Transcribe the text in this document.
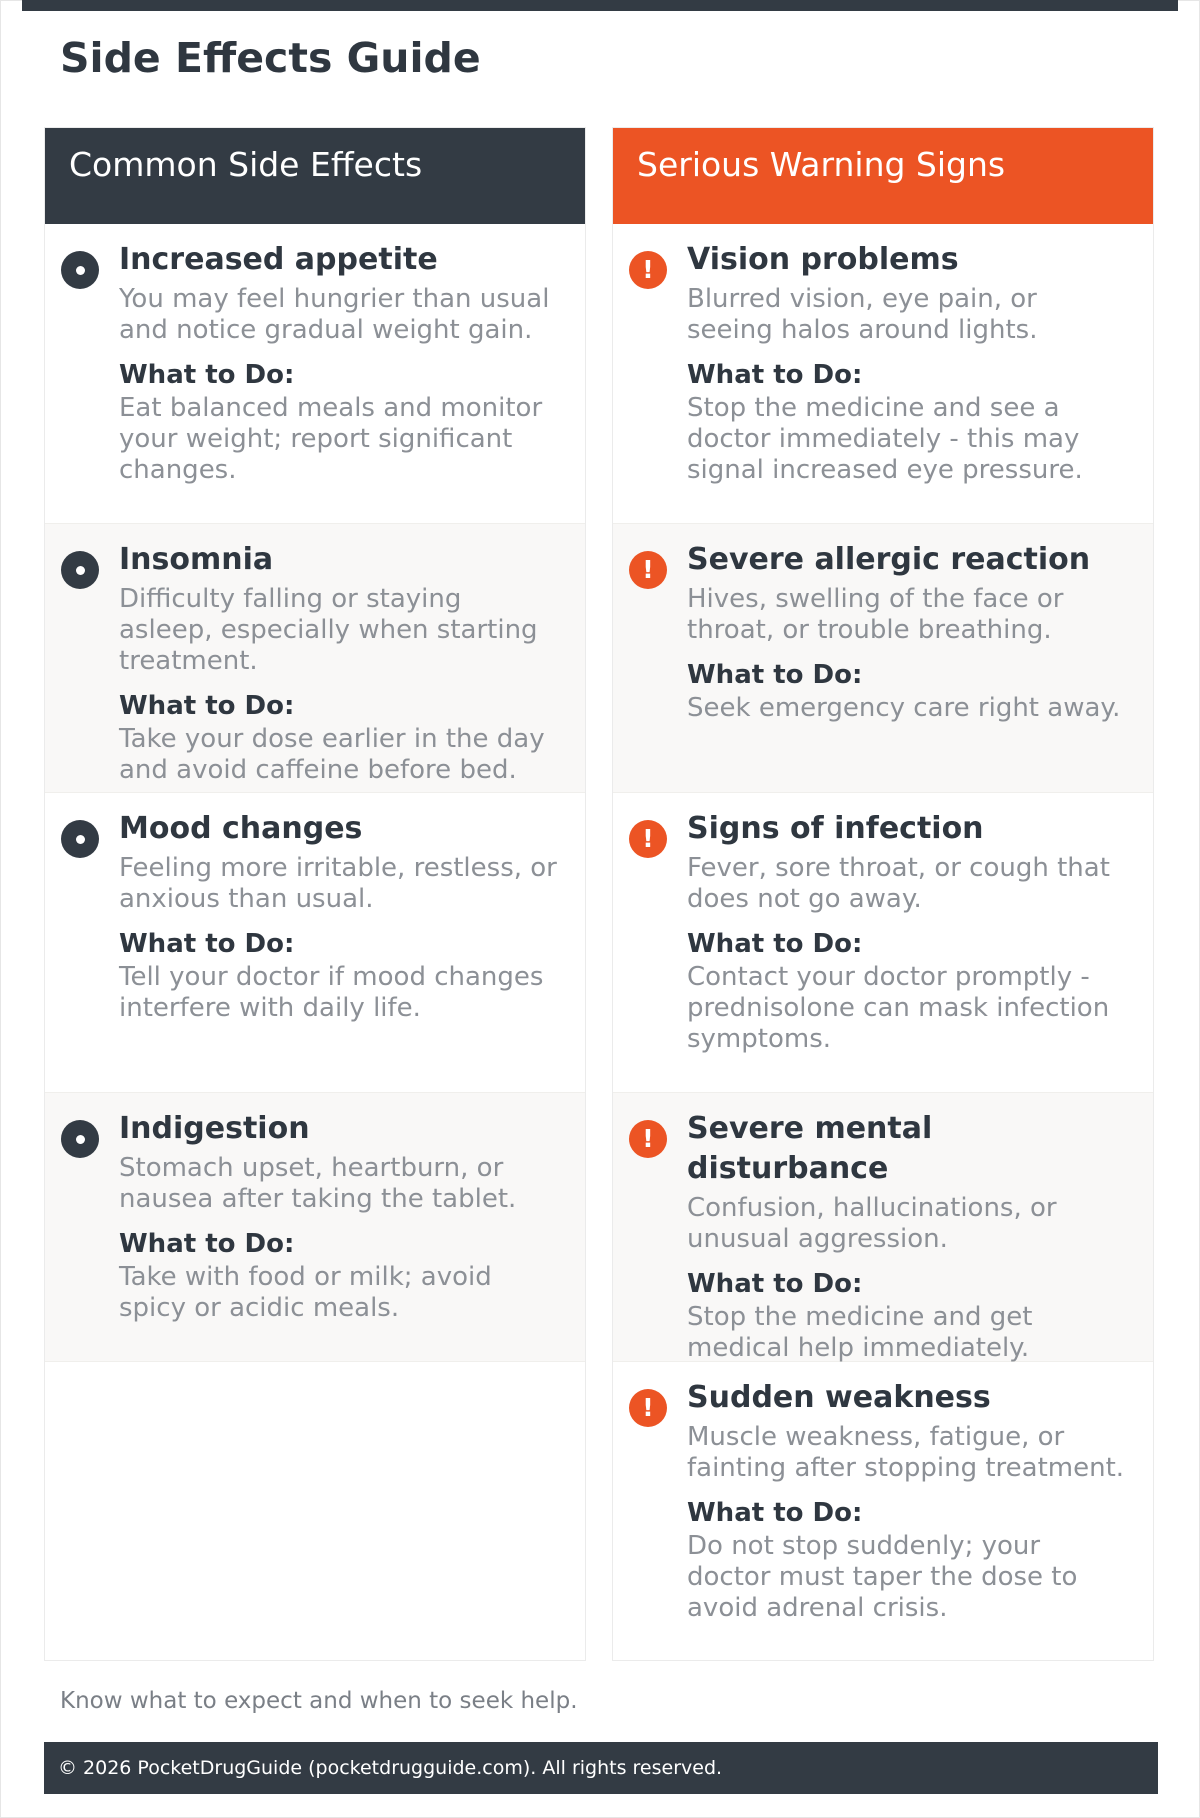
Side Effects Guide
Common Side Effects

Increased appetite

You may feel hungrier than usual and notice gradual weight gain.

What to Do:

Eat balanced meals and monitor your weight; report significant changes.

Insomnia

Difficulty falling or staying asleep, especially when starting treatment.

What to Do:

Take your dose earlier in the day and avoid caffeine before bed.

Mood changes

Feeling more irritable, restless, or anxious than usual.

What to Do:

Tell your doctor if mood changes interfere with daily life.

Indigestion

Stomach upset, heartburn, or nausea after taking the tablet.

What to Do:

Take with food or milk; avoid spicy or acidic meals.

Serious Warning Signs
! Vision problems

Blurred vision, eye pain, or seeing halos around lights.

What to Do:

Stop the medicine and see a doctor immediately - this may signal increased eye pressure.

! Severe allergic reaction

Hives, swelling of the face or throat, or trouble breathing.

What to Do:

Seek emergency care right away.

! Signs of infection

Fever, sore throat, or cough that does not go away.

What to Do:

Contact your doctor promptly - prednisolone can mask infection symptoms.

! Severe mental disturbance

Confusion, hallucinations, or unusual aggression.

What to Do:

Stop the medicine and get medical help immediately.

! Sudden weakness

Muscle weakness, fatigue, or fainting after stopping treatment.

What to Do:

Do not stop suddenly; your doctor must taper the dose to avoid adrenal crisis.

Know what to expect and when to seek help.
© 2026 PocketDrugGuide (pocketdrugguide.com). All rights reserved.
